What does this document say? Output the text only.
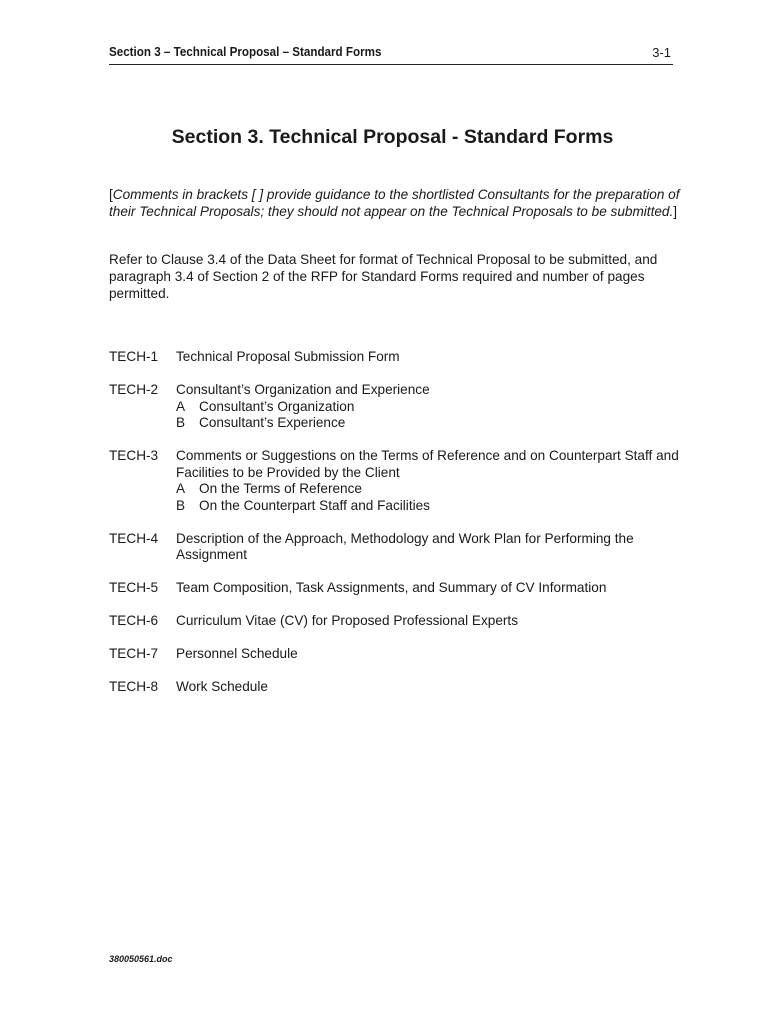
Section 3 – Technical Proposal – Standard Forms	3-1
Section 3. Technical Proposal - Standard Forms
[Comments in brackets [ ] provide guidance to the shortlisted Consultants for the preparation of their Technical Proposals; they should not appear on the Technical Proposals to be submitted.]
Refer to Clause 3.4 of the Data Sheet for format of Technical Proposal to be submitted, and paragraph 3.4 of Section 2 of the RFP for Standard Forms required and number of pages permitted.
TECH-1	Technical Proposal Submission Form
TECH-2	Consultant’s Organization and Experience
A	Consultant’s Organization
B	Consultant’s Experience
TECH-3	Comments or Suggestions on the Terms of Reference and on Counterpart Staff and Facilities to be Provided by the Client
A	On the Terms of Reference
B	On the Counterpart Staff and Facilities
TECH-4	Description of the Approach, Methodology and Work Plan for Performing the Assignment
TECH-5	Team Composition, Task Assignments, and Summary of CV Information
TECH-6	Curriculum Vitae (CV) for Proposed Professional Experts
TECH-7	Personnel Schedule
TECH-8	Work Schedule
380050561.doc
